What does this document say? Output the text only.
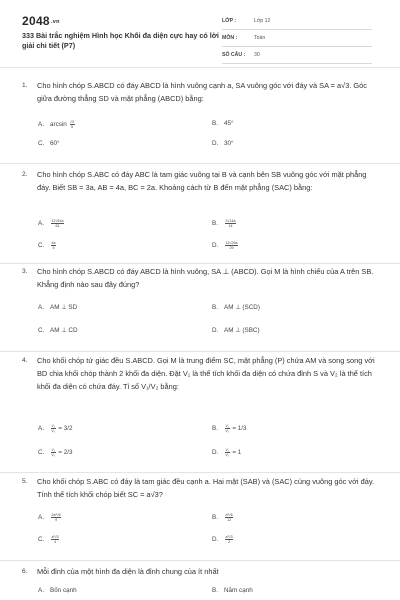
2048.vn
333 Bài trắc nghiệm Hình học Khối đa diện cực hay có lời giải chi tiết (P7)
LỚP :	Lớp 12
MÔN :	Toán
SỐ CÂU :	30
1. Cho hình chóp S.ABCD có đáy ABCD là hình vuông cạnh a, SA vuông góc với đáy và SA = a√3. Góc giữa đường thẳng SD và mặt phẳng (ABCD) bằng:
A. $\arcsin \frac{√3}{5}$	B. 45°
C. 60°	D. 30°
2. Cho hình chóp S.ABC có đáy ABC là tam giác vuông tại B và cạnh bên SB vuông góc với mặt phẳng đáy. Biết SB = 3a, AB = 4a, BC = 2a. Khoảng cách từ B đến mặt phẳng (SAC) bằng:
A. $\frac{12√61a}{61}$	B. $\frac{3√14a}{14}$
C. $\frac{4a}{5}$	D. $\frac{12√29a}{29}$
3. Cho hình chóp S.ABCD có đáy ABCD là hình vuông, SA ⊥ (ABCD). Gọi M là hình chiếu của A trên SB. Khẳng định nào sau đây đúng?
A. AM ⊥ SD	B. AM ⊥ (SCD)
C. AM ⊥ CD	D. AM ⊥ (SBC)
4. Cho khối chóp tứ giác đều S.ABCD. Gọi M là trung điểm SC, mặt phẳng (P) chứa AM và song song với BD chia khối chóp thành 2 khối đa diện. Đặt V₁ là thể tích khối đa diện có chứa đỉnh S và V₂ là thể tích khối đa diện có chứa đáy. Tỉ số V₁/V₂ bằng:
A. $\frac{\text{V₁}}{\text{V₂}} = 3/2$	B. $\frac{\text{V₁}}{\text{V₂}} = 1/3$
C. $\frac{\text{V₁}}{\text{V₂}} = 2/3$	D. $\frac{\text{V₁}}{\text{V₂}} = 1$
5. Cho khối chóp S.ABC có đáy là tam giác đều cạnh a. Hai mặt (SAB) và (SAC) cùng vuông góc với đáy. Tính thể tích khối chóp biết SC = a√3?
A. $\frac{\text{2a³√6}}{9}$	B. $\frac{\text{a³√6}}{12}$
C. $\frac{\text{a³√3}}{4}$	D. $\frac{\text{a³√3}}{2}$
6. Mỗi đỉnh của một hình đa diện là đỉnh chung của ít nhất
A. Bốn cạnh	B. Năm cạnh
